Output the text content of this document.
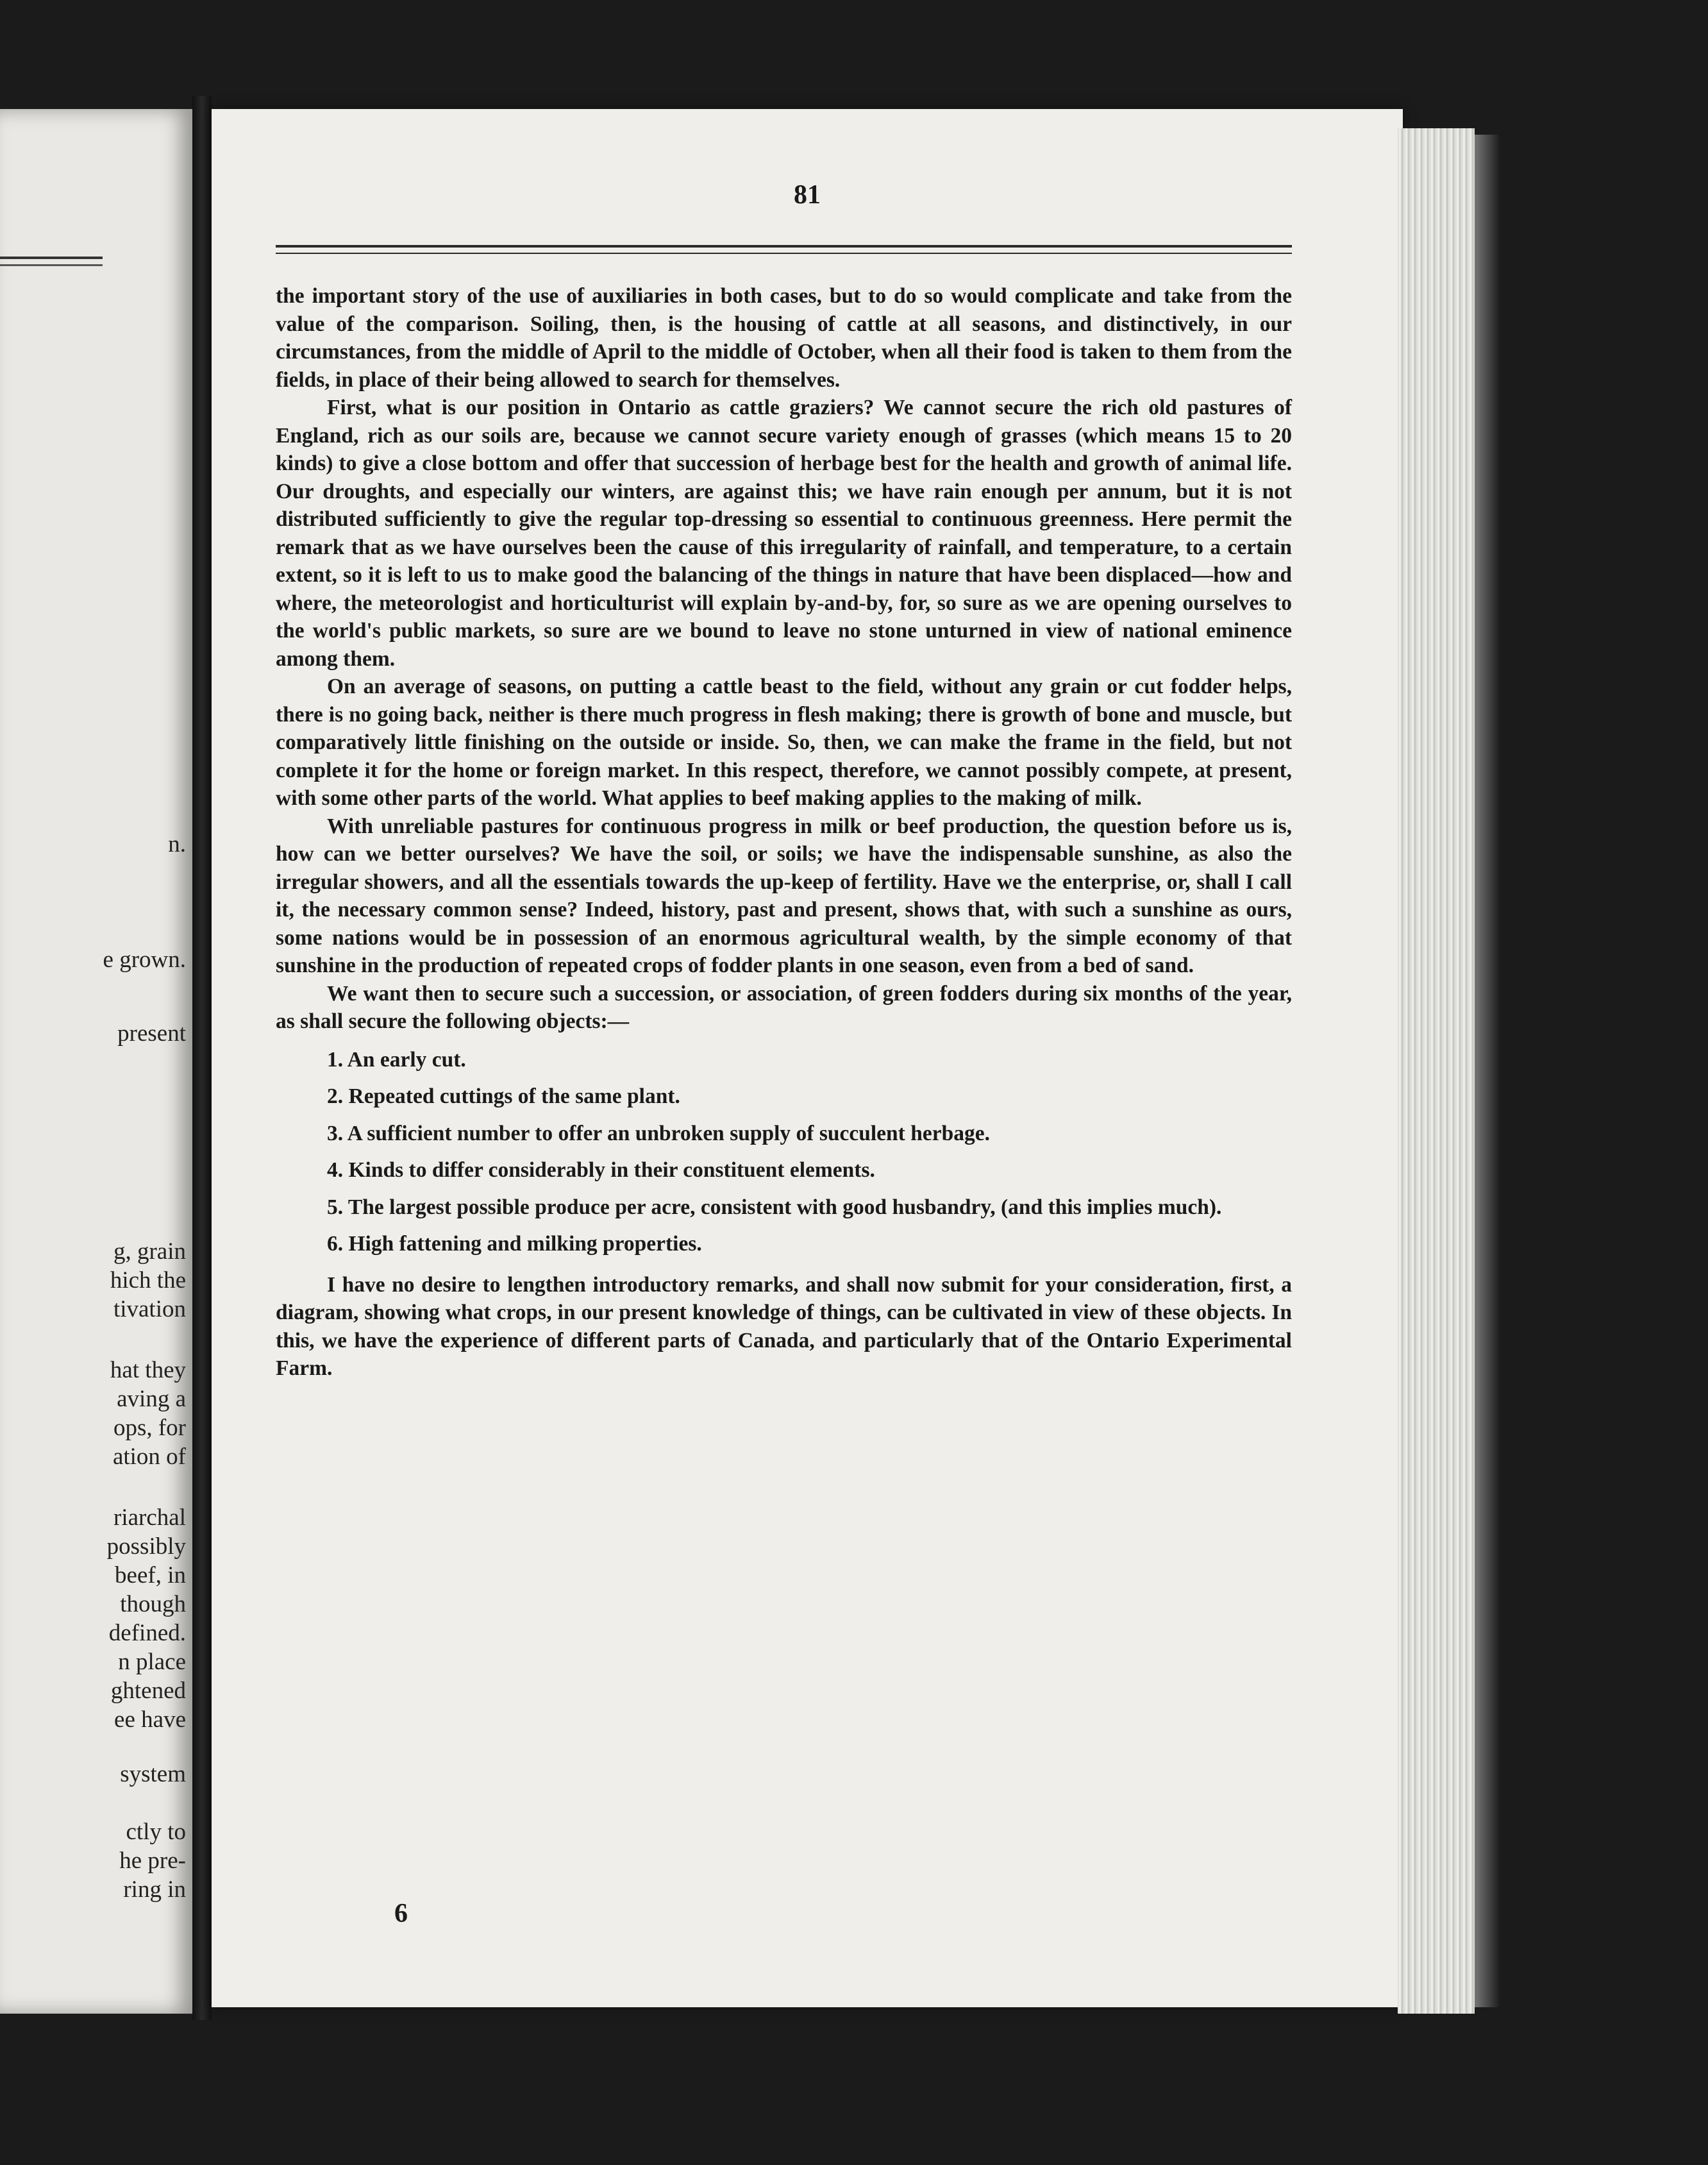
n.
e grown.
present
g, grain
hich the
tivation
hat they
aving a
ops, for
ation of
riarchal
possibly
beef, in
though
defined.
n place
ghtened
ee have
system
ctly to
he pre-
ring in
81

the important story of the use of auxiliaries in both cases, but to do so would complicate and take from the value of the comparison. Soiling, then, is the housing of cattle at all seasons, and distinctively, in our circumstances, from the middle of April to the middle of October, when all their food is taken to them from the fields, in place of their being allowed to search for themselves.

First, what is our position in Ontario as cattle graziers? We cannot secure the rich old pastures of England, rich as our soils are, because we cannot secure variety enough of grasses (which means 15 to 20 kinds) to give a close bottom and offer that succession of herbage best for the health and growth of animal life. Our droughts, and especially our winters, are against this; we have rain enough per annum, but it is not distributed sufficiently to give the regular top-dressing so essential to continuous greenness. Here permit the remark that as we have ourselves been the cause of this irregularity of rainfall, and temperature, to a certain extent, so it is left to us to make good the balancing of the things in nature that have been displaced—how and where, the meteorologist and horticulturist will explain by-and-by, for, so sure as we are opening ourselves to the world's public markets, so sure are we bound to leave no stone unturned in view of national eminence among them.

On an average of seasons, on putting a cattle beast to the field, without any grain or cut fodder helps, there is no going back, neither is there much progress in flesh making; there is growth of bone and muscle, but comparatively little finishing on the outside or inside. So, then, we can make the frame in the field, but not complete it for the home or foreign market. In this respect, therefore, we cannot possibly compete, at present, with some other parts of the world. What applies to beef making applies to the making of milk.

With unreliable pastures for continuous progress in milk or beef production, the question before us is, how can we better ourselves? We have the soil, or soils; we have the indispensable sunshine, as also the irregular showers, and all the essentials towards the up-keep of fertility. Have we the enterprise, or, shall I call it, the necessary common sense? Indeed, history, past and present, shows that, with such a sunshine as ours, some nations would be in possession of an enormous agricultural wealth, by the simple economy of that sunshine in the production of repeated crops of fodder plants in one season, even from a bed of sand.

We want then to secure such a succession, or association, of green fodders during six months of the year, as shall secure the following objects:—

1. An early cut.
2. Repeated cuttings of the same plant.
3. A sufficient number to offer an unbroken supply of succulent herbage.
4. Kinds to differ considerably in their constituent elements.
5. The largest possible produce per acre, consistent with good husbandry, (and this implies much).
6. High fattening and milking properties.

I have no desire to lengthen introductory remarks, and shall now submit for your consideration, first, a diagram, showing what crops, in our present knowledge of things, can be cultivated in view of these objects. In this, we have the experience of different parts of Canada, and particularly that of the Ontario Experimental Farm.

6
